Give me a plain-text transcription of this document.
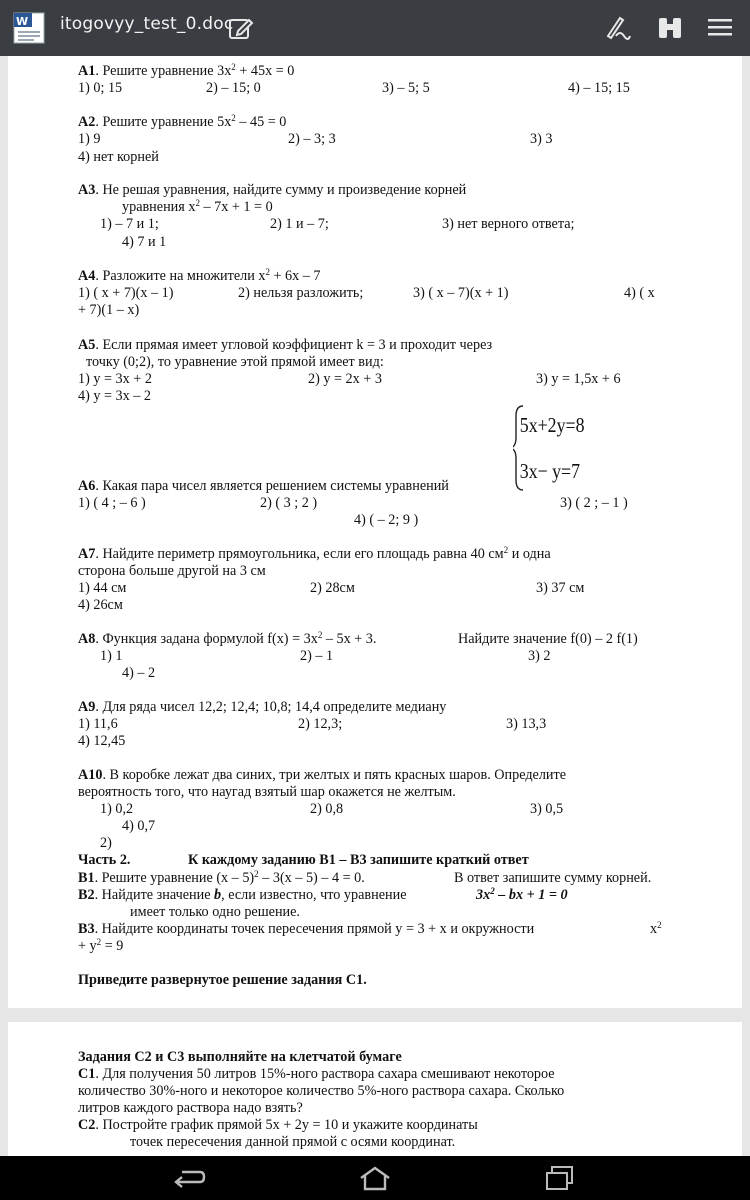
W itogovyy_test_0.doc
А1. Решите уравнение $3x^2 + 45x = 0$
1) 0; 15	2) – 15; 0	3) – 5; 5	4) – 15; 15
А2. Решите уравнение $5x^2 - 45 = 0$
1) 9	2) – 3; 3	3) 3
4) нет корней
А3. Не решая уравнения, найдите сумму и произведение корней
уравнения $x^2 - 7x + 1 = 0$
1) – 7 и 1;	2) 1 и – 7;	3) нет верного ответа;
4) 7 и 1
А4. Разложите на множители $x^2 + 6x - 7$
1) ( x + 7)(x – 1)	2) нельзя разложить;	3) ( x – 7)(x + 1)	4) ( x
+ 7)(1 – x)
А5. Если прямая имеет угловой коэффициент k = 3 и проходит через
точку (0;2), то уравнение этой прямой имеет вид:
1) y = 3x + 2	2) y = 2x + 3	3) y = 1,5x + 6
4) y = 3x – 2
5x+2y=8
3x− y=7
А6. Какая пара чисел является решением системы уравнений
1) ( 4 ; – 6 )	2) ( 3 ; 2 )	3) ( 2 ; – 1 )
4) ( – 2; 9 )
А7. Найдите периметр прямоугольника, если его площадь равна 40 $см^2$ и одна
сторона больше другой на 3 см
1) 44 см	2) 28см	3) 37 см
4) 26см
А8. Функция задана формулой $f(x) = 3x^2 - 5x + 3$.	Найдите значение f(0) – 2 f(1)
1) 1	2) – 1	3) 2
4) – 2
А9. Для ряда чисел 12,2; 12,4; 10,8; 14,4 определите медиану
1) 11,6	2) 12,3;	3) 13,3
4) 12,45
А10. В коробке лежат два синих, три желтых и пять красных шаров. Определите
вероятность того, что наугад взятый шар окажется не желтым.
1) 0,2	2) 0,8	3) 0,5
4) 0,7
2)
Часть 2.	К каждому заданию В1 – В3 запишите краткий ответ
В1. Решите уравнение (x – 5)$^2$ – 3(x – 5) – 4 = 0.	В ответ запишите сумму корней.
В2. Найдите значение b, если известно, что уравнение	$3x^2$ – bx + 1 = 0
имеет только одно решение.
В3. Найдите координаты точек пересечения прямой y = 3 + x и окружности	$x^2$
+ $y^2 = 9$
Приведите развернутое решение задания С1.
Задания С2 и С3 выполняйте на клетчатой бумаге
С1. Для получения 50 литров 15%-ного раствора сахара смешивают некоторое
количество 30%-ного и некоторое количество 5%-ного раствора сахара. Сколько
литров каждого раствора надо взять?
С2. Постройте график прямой 5x + 2y = 10 и укажите координаты
точек пересечения данной прямой с осями координат.
